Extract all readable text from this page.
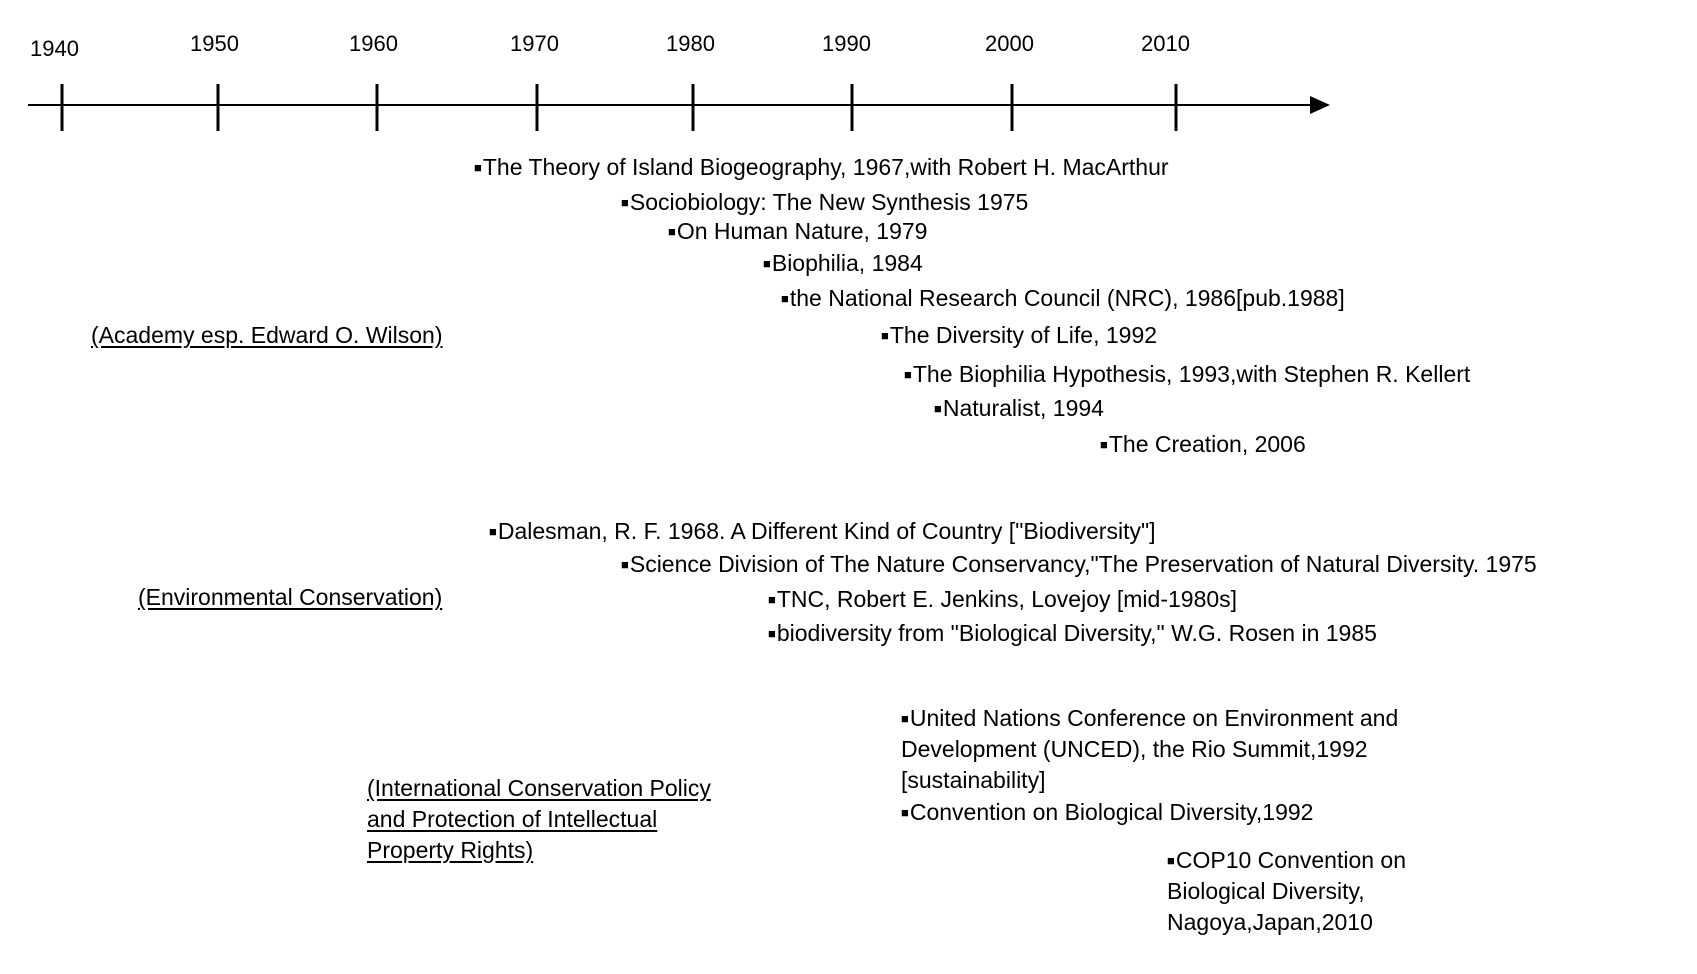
1940	1950	1960	1970	1980	1990	2000	2010
(Academy esp. Edward O. Wilson)
■The Theory of Island Biogeography, 1967,with Robert H. MacArthur
■Sociobiology: The New Synthesis 1975
■On Human Nature, 1979
■Biophilia, 1984
■the National Research Council (NRC), 1986[pub.1988]
■The Diversity of Life, 1992
■The Biophilia Hypothesis, 1993,with Stephen R. Kellert
■Naturalist, 1994
■The Creation, 2006
(Environmental Conservation)
■Dalesman, R. F. 1968. A Different Kind of Country ["Biodiversity"]
■Science Division of The Nature Conservancy,"The Preservation of Natural Diversity. 1975
■TNC, Robert E. Jenkins, Lovejoy [mid-1980s]
■biodiversity from "Biological Diversity," W.G. Rosen in 1985
(International Conservation Policy
and Protection of Intellectual
Property Rights)
■United Nations Conference on Environment and
Development (UNCED), the Rio Summit,1992
[sustainability]
■Convention on Biological Diversity,1992
■COP10 Convention on
Biological Diversity,
Nagoya,Japan,2010
